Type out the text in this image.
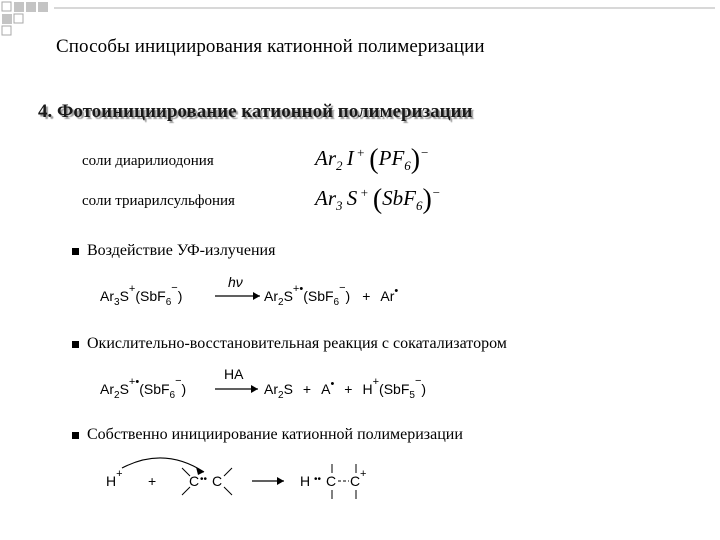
Способы инициирования катионной полимеризации
4. Фотоинициирование катионной полимеризации
соли диарилиодония	$Ar_2$ I +  $(PF_6)^-$
соли триарилсульфония	$Ar_3$ S +  (SbF$_6$)−
Воздействие УФ-излучения
$Ar_3S^+(SbF_6^-)$
hν
$Ar_2S^{+•}(SbF_6^-) + Ar^•$
Окислительно-восстановительная реакция с сокатализатором
$Ar_2S^{+•}(SbF_6^-)$
HA
$Ar_2S + A^• + H^+(SbF_5^-)$
Собственно инициирование катионной полимеризации
H+ + C •• C	H •• C C +
